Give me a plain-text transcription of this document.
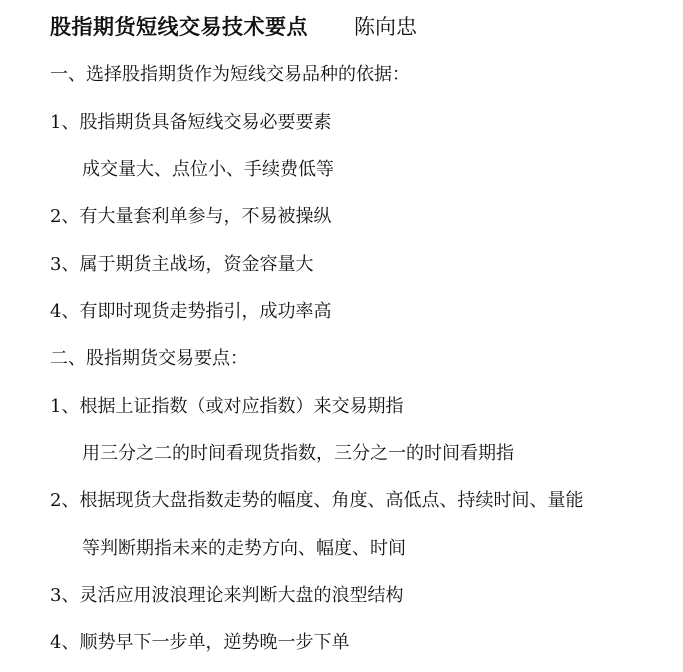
股指期货短线交易技术要点 陈向忠
一、选择股指期货作为短线交易品种的依据：
1、股指期货具备短线交易必要要素
成交量大、点位小、手续费低等
2、有大量套利单参与，不易被操纵
3、属于期货主战场，资金容量大
4、有即时现货走势指引，成功率高
二、股指期货交易要点：
1、根据上证指数（或对应指数）来交易期指
用三分之二的时间看现货指数，三分之一的时间看期指
2、根据现货大盘指数走势的幅度、角度、高低点、持续时间、量能
等判断期指未来的走势方向、幅度、时间
3、灵活应用波浪理论来判断大盘的浪型结构
4、顺势早下一步单，逆势晚一步下单
